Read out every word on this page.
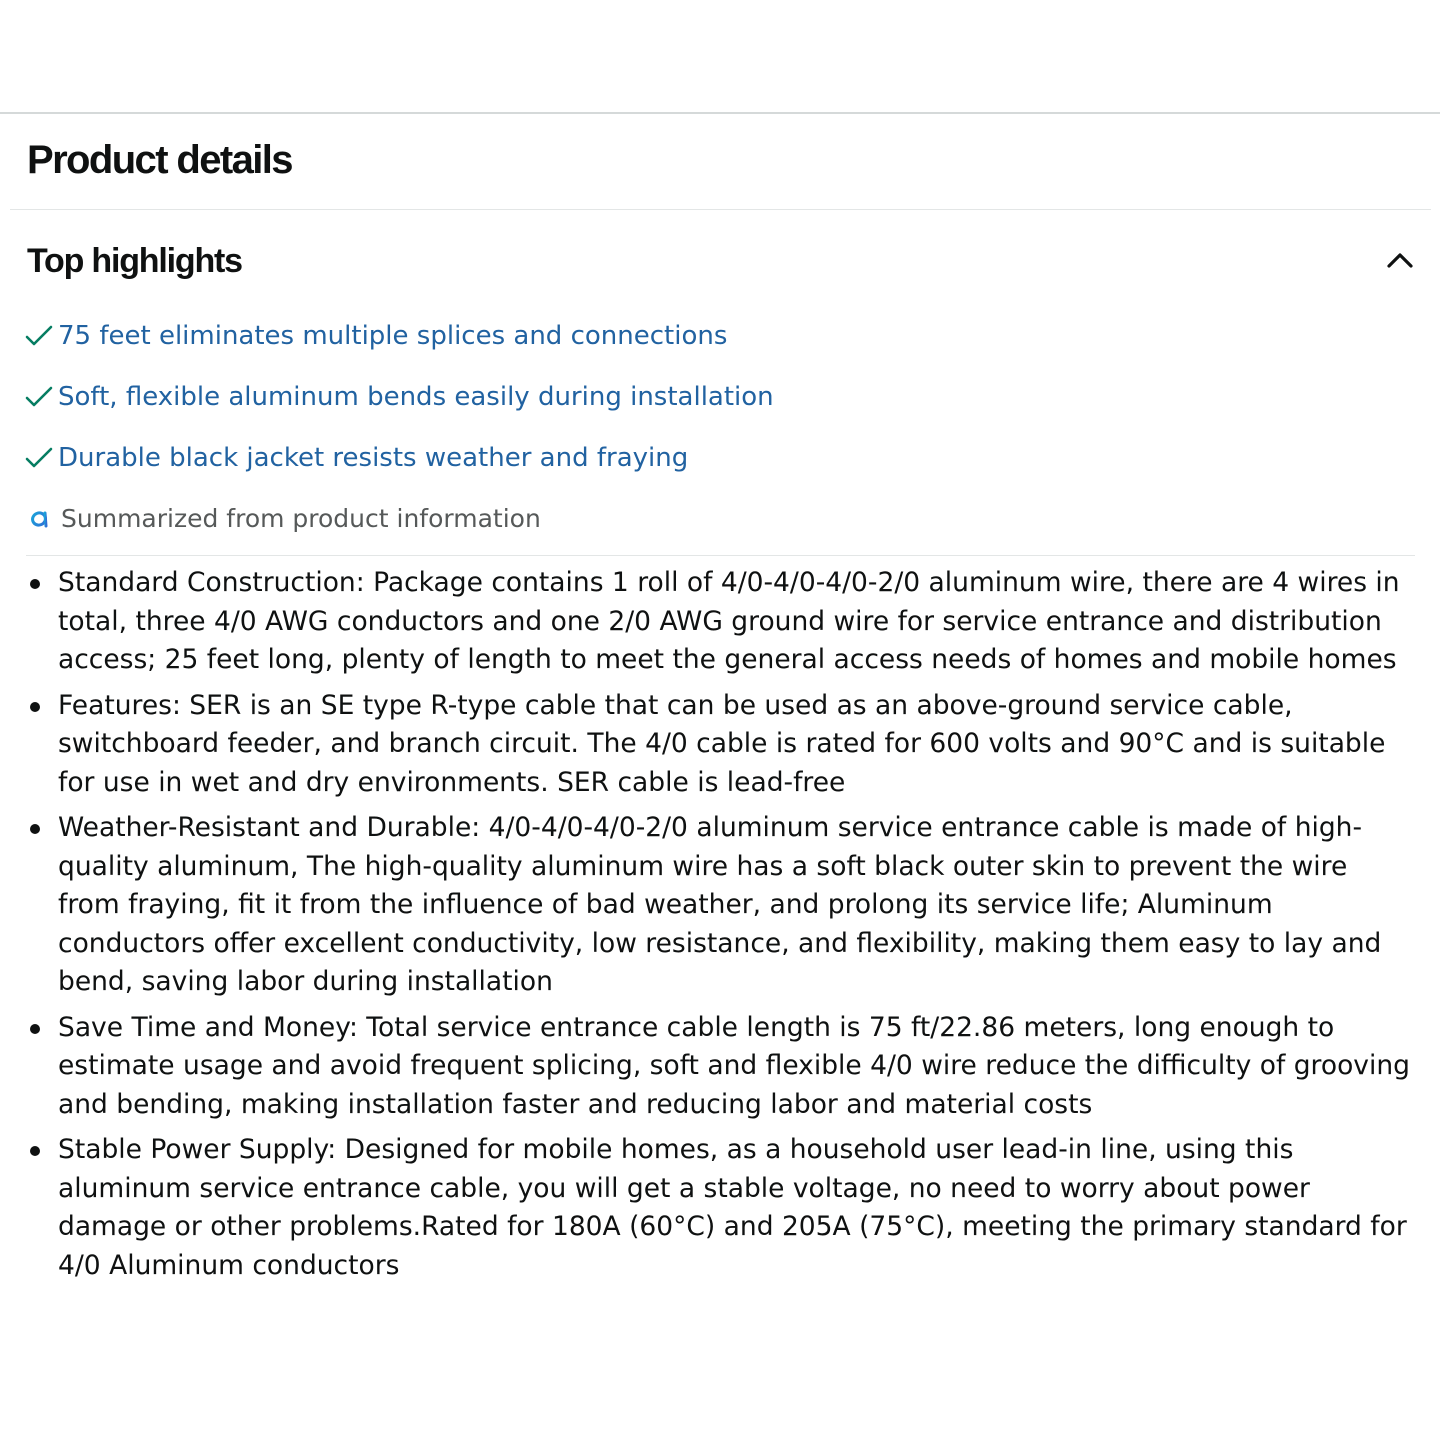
Product details
Top highlights
75 feet eliminates multiple splices and connections
Soft, flexible aluminum bends easily during installation
Durable black jacket resists weather and fraying
Summarized from product information
Standard Construction: Package contains 1 roll of 4/0-4/0-4/0-2/0 aluminum wire, there are 4 wires in total, three 4/0 AWG conductors and one 2/0 AWG ground wire for service entrance and distribution access; 25 feet long, plenty of length to meet the general access needs of homes and mobile homes
Features: SER is an SE type R-type cable that can be used as an above-ground service cable, switchboard feeder, and branch circuit. The 4/0 cable is rated for 600 volts and 90°C and is suitable for use in wet and dry environments. SER cable is lead-free
Weather-Resistant and Durable: 4/0-4/0-4/0-2/0 aluminum service entrance cable is made of high-quality aluminum, The high-quality aluminum wire has a soft black outer skin to prevent the wire from fraying, fit it from the influence of bad weather, and prolong its service life; Aluminum conductors offer excellent conductivity, low resistance, and flexibility, making them easy to lay and bend, saving labor during installation
Save Time and Money: Total service entrance cable length is 75 ft/22.86 meters, long enough to estimate usage and avoid frequent splicing, soft and flexible 4/0 wire reduce the difficulty of grooving and bending, making installation faster and reducing labor and material costs
Stable Power Supply: Designed for mobile homes, as a household user lead-in line, using this aluminum service entrance cable, you will get a stable voltage, no need to worry about power damage or other problems.Rated for 180A (60°C) and 205A (75°C), meeting the primary standard for 4/0 Aluminum conductors
